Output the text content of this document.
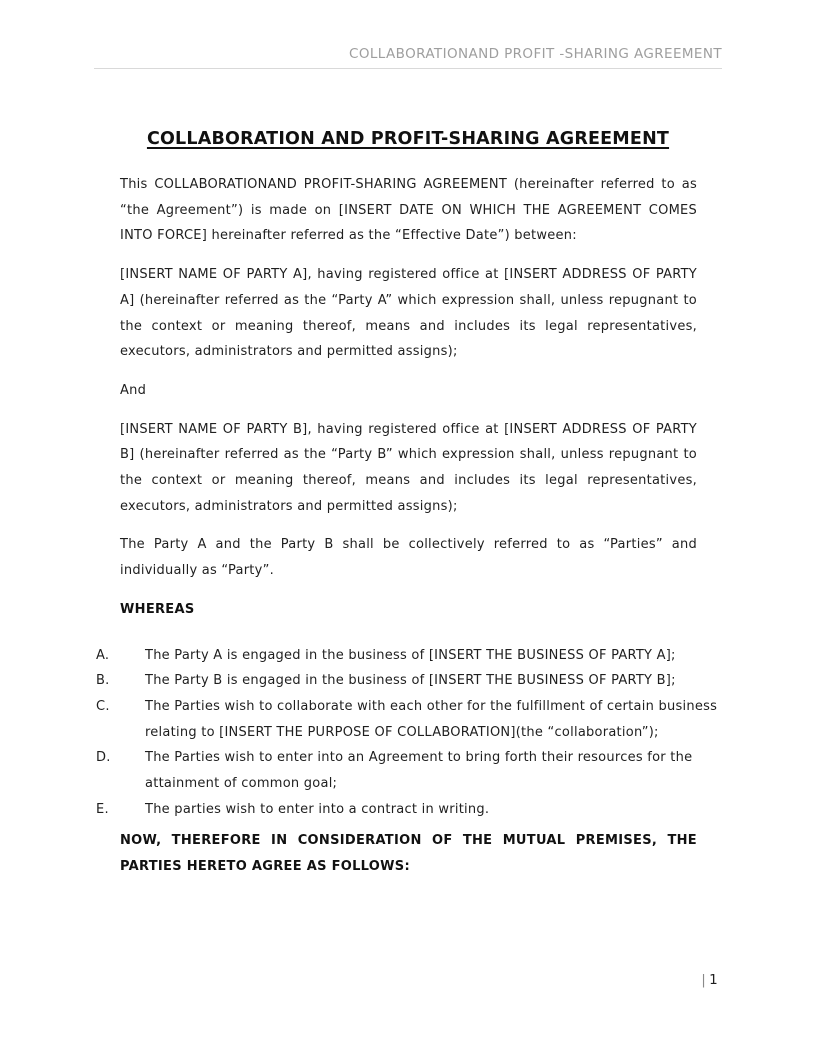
COLLABORATIONAND PROFIT -SHARING AGREEMENT
COLLABORATION AND PROFIT-SHARING AGREEMENT

This COLLABORATIONAND PROFIT-SHARING AGREEMENT (hereinafter referred to as “the Agreement”) is made on [INSERT DATE ON WHICH THE AGREEMENT COMES INTO FORCE] hereinafter referred as the “Effective Date”) between:

[INSERT NAME OF PARTY A], having registered office at [INSERT ADDRESS OF PARTY A] (hereinafter referred as the “Party A” which expression shall, unless repugnant to the context or meaning thereof, means and includes its legal representatives, executors, administrators and permitted assigns);

And

[INSERT NAME OF PARTY B], having registered office at [INSERT ADDRESS OF PARTY B] (hereinafter referred as the “Party B” which expression shall, unless repugnant to the context or meaning thereof, means and includes its legal representatives, executors, administrators and permitted assigns);

The Party A and the Party B shall be collectively referred to as “Parties” and individually as “Party”.

WHEREAS
A.	The Party A is engaged in the business of [INSERT THE BUSINESS OF PARTY A];
B.	The Party B is engaged in the business of [INSERT THE BUSINESS OF PARTY B];
C.	The Parties wish to collaborate with each other for the fulfillment of certain business relating to [INSERT THE PURPOSE OF COLLABORATION](the “collaboration”);
D.	The Parties wish to enter into an Agreement to bring forth their resources for the attainment of common goal;
E.	The parties wish to enter into a contract in writing.

NOW, THEREFORE IN CONSIDERATION OF THE MUTUAL PREMISES, THE PARTIES HERETO AGREE AS FOLLOWS:

| 1
